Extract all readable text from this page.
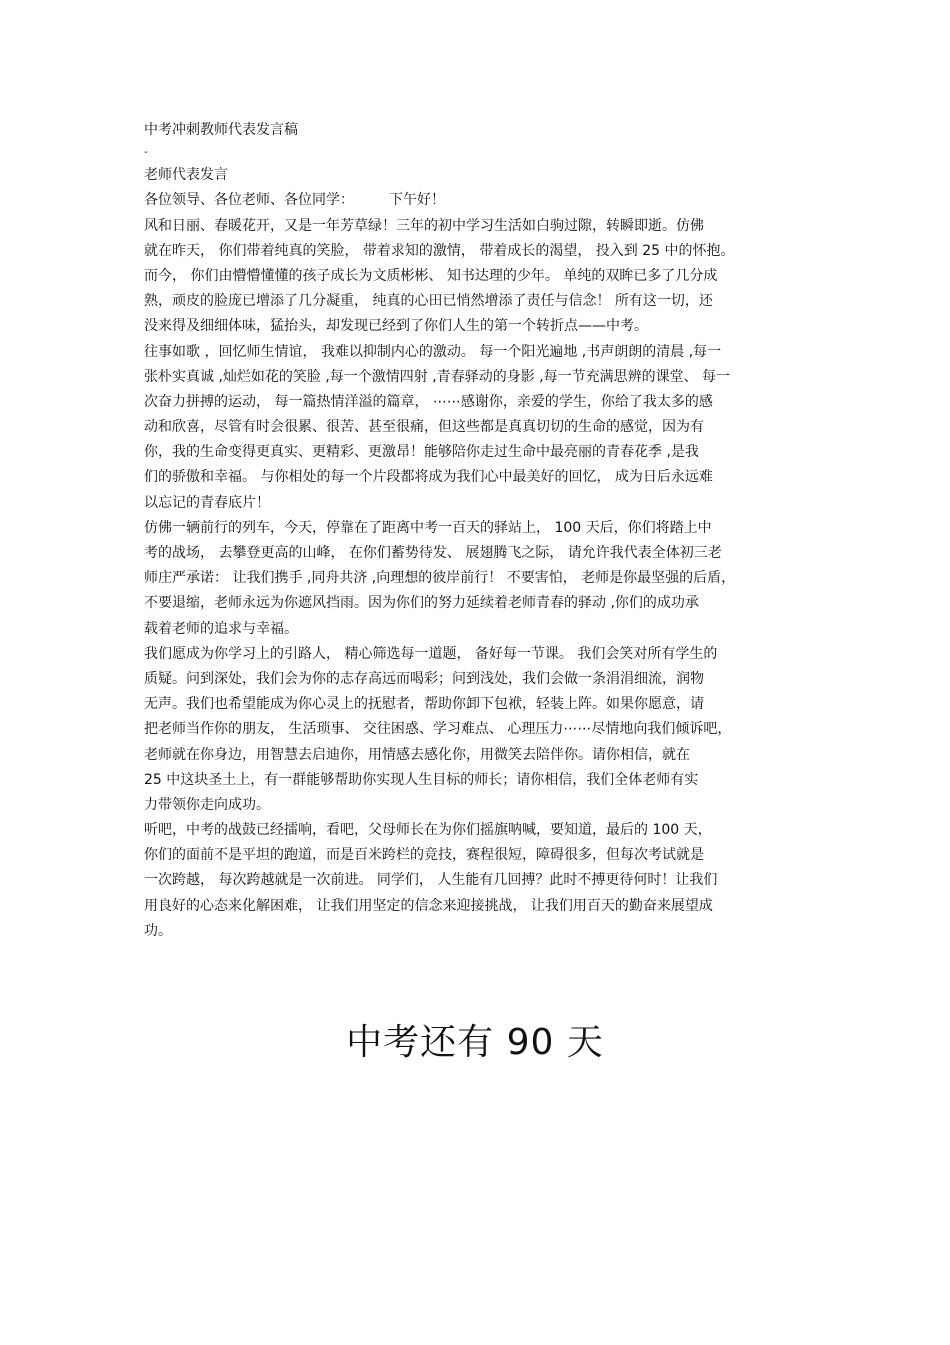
中考冲刺教师代表发言稿
-
老师代表发言
各位领导、各位老师、各位同学：　　　下午好！
风和日丽、春暖花开，又是一年芳草绿！三年的初中学习生活如白驹过隙，转瞬即逝。仿佛
就在昨天， 你们带着纯真的笑脸， 带着求知的激情， 带着成长的渴望， 投入到 25 中的怀抱。
而今， 你们由懵懵懂懂的孩子成长为文质彬彬、 知书达理的少年。 单纯的双眸已多了几分成
熟，顽皮的脸庞已增添了几分凝重， 纯真的心田已悄然增添了责任与信念！ 所有这一切，还
没来得及细细体味，猛抬头，却发现已经到了你们人生的第一个转折点——中考。
往事如歌 ，回忆师生情谊， 我难以抑制内心的激动。 每一个阳光遍地 ,书声朗朗的清晨 ,每一
张朴实真诚 ,灿烂如花的笑脸 ,每一个激情四射 ,青春驿动的身影 ,每一节充满思辨的课堂、 每一
次奋力拼搏的运动， 每一篇热情洋溢的篇章， ⋯⋯感谢你，亲爱的学生，你给了我太多的感
动和欣喜，尽管有时会很累、很苦、甚至很痛，但这些都是真真切切的生命的感觉，因为有
你，我的生命变得更真实、更精彩、更激昂！能够陪你走过生命中最亮丽的青春花季 ,是我
们的骄傲和幸福。 与你相处的每一个片段都将成为我们心中最美好的回忆， 成为日后永远难
以忘记的青春底片！
仿佛一辆前行的列车，今天，停靠在了距离中考一百天的驿站上， 100 天后，你们将踏上中
考的战场， 去攀登更高的山峰， 在你们蓄势待发、 展翅腾飞之际， 请允许我代表全体初三老
师庄严承诺： 让我们携手 ,同舟共济 ,向理想的彼岸前行！ 不要害怕， 老师是你最坚强的后盾，
不要退缩，老师永远为你遮风挡雨。因为你们的努力延续着老师青春的驿动 ,你们的成功承
载着老师的追求与幸福。
我们愿成为你学习上的引路人， 精心筛选每一道题， 备好每一节课。 我们会笑对所有学生的
质疑。问到深处，我们会为你的志存高远而喝彩；问到浅处，我们会做一条涓涓细流，润物
无声。我们也希望能成为你心灵上的抚慰者，帮助你卸下包袱，轻装上阵。如果你愿意，请
把老师当作你的朋友， 生活琐事、 交往困惑、学习难点、 心理压力⋯⋯尽情地向我们倾诉吧，
老师就在你身边，用智慧去启迪你，用情感去感化你，用微笑去陪伴你。请你相信，就在
25 中这块圣土上，有一群能够帮助你实现人生目标的师长；请你相信，我们全体老师有实
力带领你走向成功。
听吧，中考的战鼓已经擂响，看吧，父母师长在为你们摇旗呐喊，要知道，最后的 100 天，
你们的面前不是平坦的跑道，而是百米跨栏的竞技，赛程很短，障碍很多，但每次考试就是
一次跨越， 每次跨越就是一次前进。 同学们， 人生能有几回搏？此时不搏更待何时！让我们
用良好的心态来化解困难， 让我们用坚定的信念来迎接挑战， 让我们用百天的勤奋来展望成
功。
中考还有 90 天
